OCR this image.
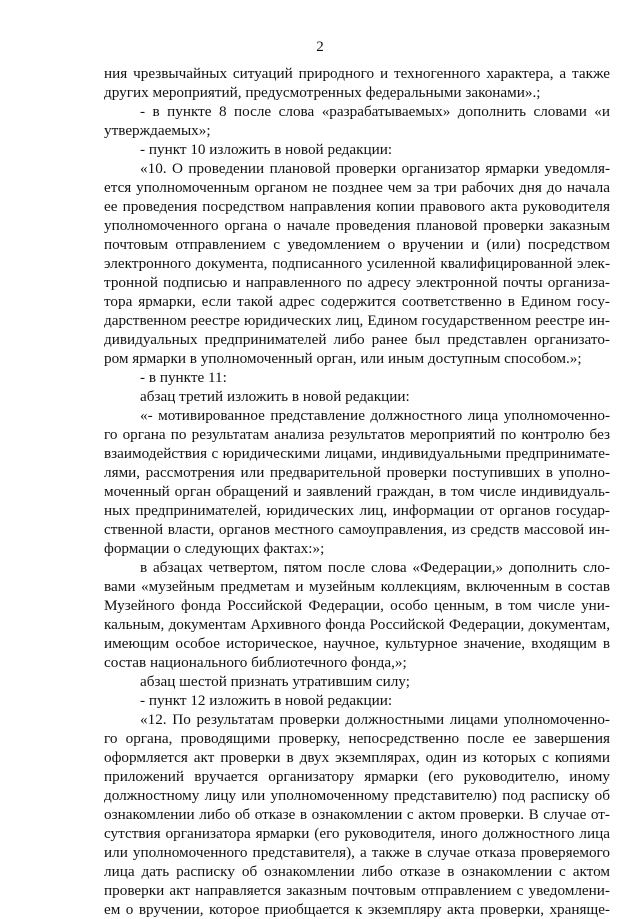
2
ния чрезвычайных ситуаций природного и техногенного характера, а также
других мероприятий, предусмотренных федеральными законами».;
- в пункте 8 после слова «разрабатываемых» дополнить словами «и
утверждаемых»;
- пункт 10 изложить в новой редакции:
«10. О проведении плановой проверки организатор ярмарки уведомля-
ется уполномоченным органом не позднее чем за три рабочих дня до начала
ее проведения посредством направления копии правового акта руководителя
уполномоченного органа о начале проведения плановой проверки заказным
почтовым отправлением с уведомлением о вручении и (или) посредством
электронного документа, подписанного усиленной квалифицированной элек-
тронной подписью и направленного по адресу электронной почты организа-
тора ярмарки, если такой адрес содержится соответственно в Едином госу-
дарственном реестре юридических лиц, Едином государственном реестре ин-
дивидуальных предпринимателей либо ранее был представлен организато-
ром ярмарки в уполномоченный орган, или иным доступным способом.»;
- в пункте 11:
абзац третий изложить в новой редакции:
«- мотивированное представление должностного лица уполномоченно-
го органа по результатам анализа результатов мероприятий по контролю без
взаимодействия с юридическими лицами, индивидуальными предпринимате-
лями, рассмотрения или предварительной проверки поступивших в уполно-
моченный орган обращений и заявлений граждан, в том числе индивидуаль-
ных предпринимателей, юридических лиц, информации от органов государ-
ственной власти, органов местного самоуправления, из средств массовой ин-
формации о следующих фактах:»;
в абзацах четвертом, пятом после слова «Федерации,» дополнить сло-
вами «музейным предметам и музейным коллекциям, включенным в состав
Музейного фонда Российской Федерации, особо ценным, в том числе уни-
кальным, документам Архивного фонда Российской Федерации, документам,
имеющим особое историческое, научное, культурное значение, входящим в
состав национального библиотечного фонда,»;
абзац шестой признать утратившим силу;
- пункт 12 изложить в новой редакции:
«12. По результатам проверки должностными лицами уполномоченно-
го органа, проводящими проверку, непосредственно после ее завершения
оформляется акт проверки в двух экземплярах, один из которых с копиями
приложений вручается организатору ярмарки (его руководителю, иному
должностному лицу или уполномоченному представителю) под расписку об
ознакомлении либо об отказе в ознакомлении с актом проверки. В случае от-
сутствия организатора ярмарки (его руководителя, иного должностного лица
или уполномоченного представителя), а также в случае отказа проверяемого
лица дать расписку об ознакомлении либо отказе в ознакомлении с актом
проверки акт направляется заказным почтовым отправлением с уведомлени-
ем о вручении, которое приобщается к экземпляру акта проверки, хранящe-
